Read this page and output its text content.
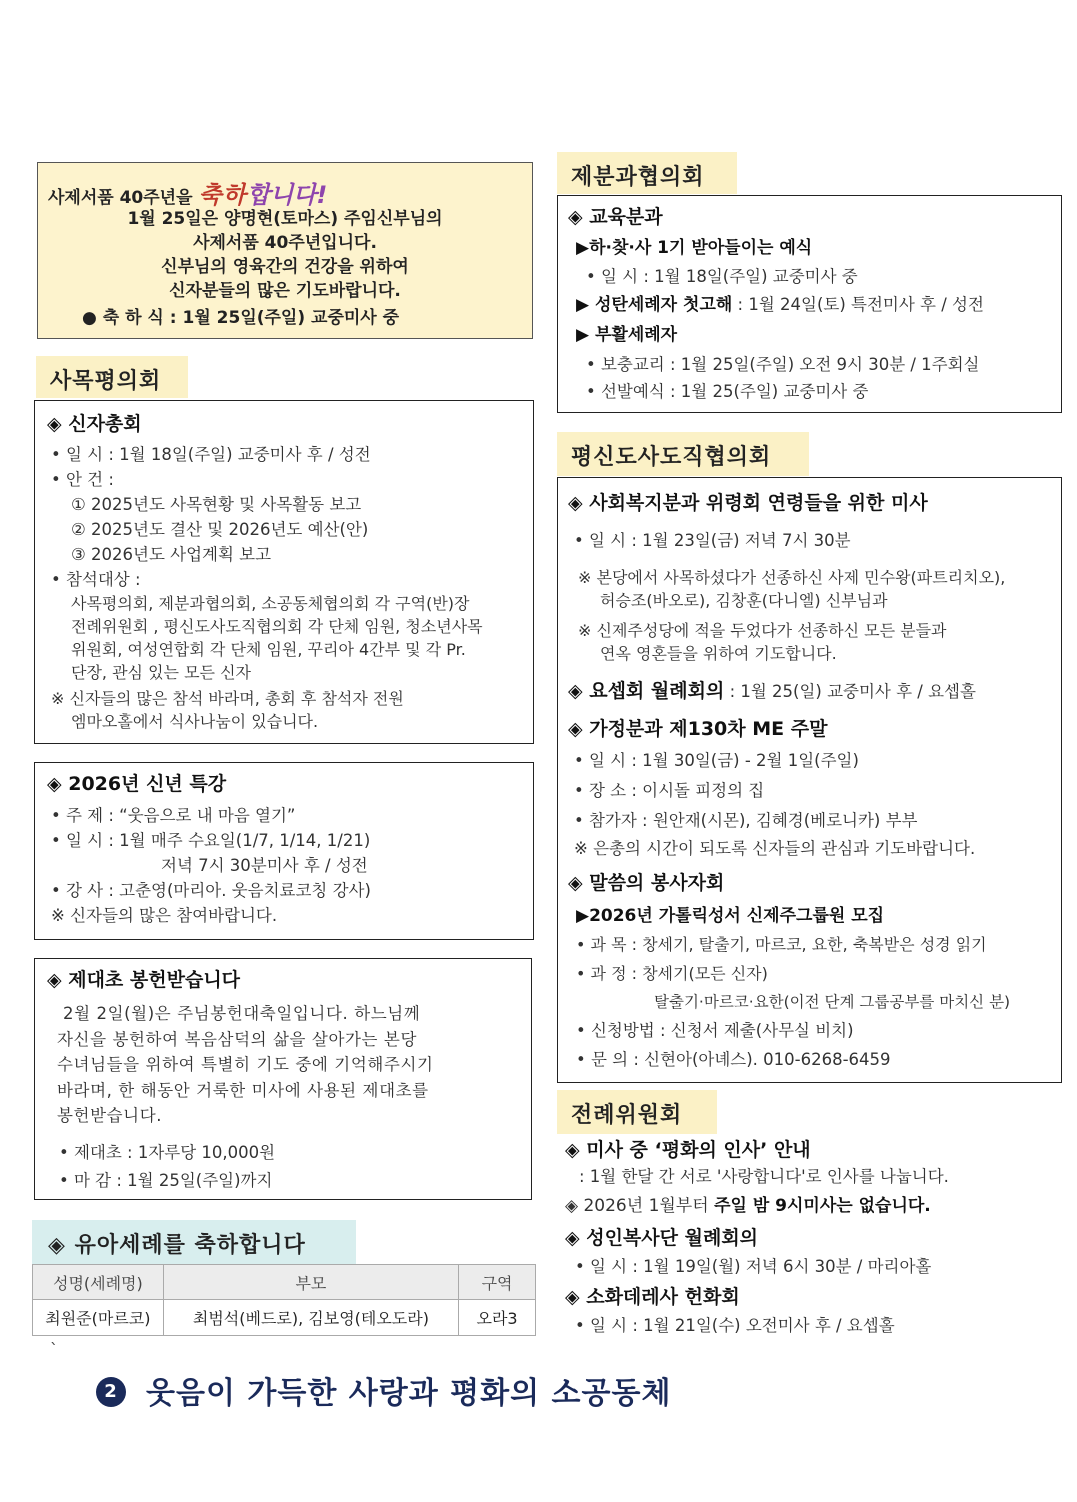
사제서품 40주년을 축하합니다!
1월 25일은 양명현(토마스) 주임신부님의
사제서품 40주년입니다.
신부님의 영육간의 건강을 위하여
신자분들의 많은 기도바랍니다.
● 축 하 식 : 1월 25일(주일) 교중미사 중
사목평의회
◈ 신자총회
• 일 시 : 1월 18일(주일) 교중미사 후 / 성전
• 안 건 :
① 2025년도 사목현황 및 사목활동 보고
② 2025년도 결산 및 2026년도 예산(안)
③ 2026년도 사업계획 보고
• 참석대상 :
사목평의회, 제분과협의회, 소공동체협의회 각 구역(반)장
전례위원회 , 평신도사도직협의회 각 단체 임원, 청소년사목
위원회, 여성연합회 각 단체 임원, 꾸리아 4간부 및 각 Pr.
단장, 관심 있는 모든 신자
※ 신자들의 많은 참석 바라며, 총회 후 참석자 전원
엠마오홀에서 식사나눔이 있습니다.
◈ 2026년 신년 특강
• 주 제 : “웃음으로 내 마음 열기”
• 일 시 : 1월 매주 수요일(1/7, 1/14, 1/21)
저녁 7시 30분미사 후 / 성전
• 강 사 : 고춘영(마리아. 웃음치료코칭 강사)
※ 신자들의 많은 참여바랍니다.
◈ 제대초 봉헌받습니다
2월 2일(월)은 주님봉헌대축일입니다. 하느님께
자신을 봉헌하여 복음삼덕의 삶을 살아가는 본당
수녀님들을 위하여 특별히 기도 중에 기억해주시기
바라며, 한 해동안 거룩한 미사에 사용된 제대초를
봉헌받습니다.
• 제대초 : 1자루당 10,000원
• 마 감 : 1월 25일(주일)까지
◈ 유아세례를 축하합니다
성명(세례명)	부모	구역
최원준(마르코)	최범석(베드로), 김보영(테오도라)	오라3
`
제분과협의회
◈ 교육분과
▶하·찾·사 1기 받아들이는 예식
• 일 시 : 1월 18일(주일) 교중미사 중
▶ 성탄세례자 첫고해 : 1월 24일(토) 특전미사 후 / 성전
▶ 부활세례자
• 보충교리 : 1월 25일(주일) 오전 9시 30분 / 1주회실
• 선발예식 : 1월 25(주일) 교중미사 중
평신도사도직협의회
◈ 사회복지분과 위령회 연령들을 위한 미사
• 일 시 : 1월 23일(금) 저녁 7시 30분
※ 본당에서 사목하셨다가 선종하신 사제 민수왕(파트리치오),
허승조(바오로), 김창훈(다니엘) 신부님과
※ 신제주성당에 적을 두었다가 선종하신 모든 분들과
연옥 영혼들을 위하여 기도합니다.
◈ 요셉회 월례회의 : 1월 25(일) 교중미사 후 / 요셉홀
◈ 가정분과 제130차 ME 주말
• 일 시 : 1월 30일(금) - 2월 1일(주일)
• 장 소 : 이시돌 피정의 집
• 참가자 : 원안재(시몬), 김혜경(베로니카) 부부
※ 은총의 시간이 되도록 신자들의 관심과 기도바랍니다.
◈ 말씀의 봉사자회
▶2026년 가톨릭성서 신제주그룹원 모집
• 과 목 : 창세기, 탈출기, 마르코, 요한, 축복받은 성경 읽기
• 과 정 : 창세기(모든 신자)
탈출기·마르코·요한(이전 단계 그룹공부를 마치신 분)
• 신청방법 : 신청서 제출(사무실 비치)
• 문 의 : 신현아(아녜스). 010-6268-6459
전례위원회
◈ 미사 중 ‘평화의 인사’ 안내
: 1월 한달 간 서로 '사랑합니다'로 인사를 나눕니다.
◈ 2026년 1월부터 주일 밤 9시미사는 없습니다.
◈ 성인복사단 월례회의
• 일 시 : 1월 19일(월) 저녁 6시 30분 / 마리아홀
◈ 소화데레사 헌화회
• 일 시 : 1월 21일(수) 오전미사 후 / 요셉홀
2 웃음이 가득한 사랑과 평화의 소공동체
